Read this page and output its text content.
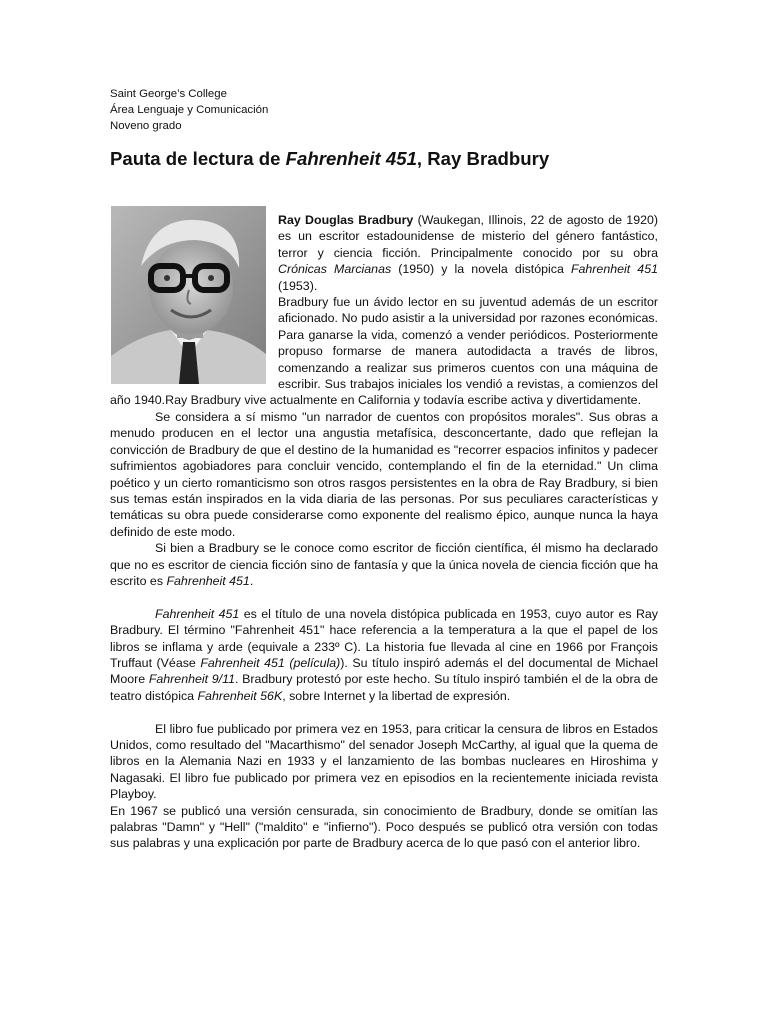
Saint George’s College
Área Lenguaje y Comunicación
Noveno grado
Pauta de lectura de Fahrenheit 451, Ray Bradbury

Ray Douglas Bradbury (Waukegan, Illinois, 22 de agosto de 1920) es un escritor estadounidense de misterio del género fantástico, terror y ciencia ficción. Principalmente conocido por su obra Crónicas Marcianas (1950) y la novela distópica Fahrenheit 451 (1953).

Bradbury fue un ávido lector en su juventud además de un escritor aficionado. No pudo asistir a la universidad por razones económicas. Para ganarse la vida, comenzó a vender periódicos. Posteriormente propuso formarse de manera autodidacta a través de libros, comenzando a realizar sus primeros cuentos con una máquina de escribir. Sus trabajos iniciales los vendió a revistas, a comienzos del año 1940.Ray Bradbury vive actualmente en California y todavía escribe activa y divertidamente.

Se considera a sí mismo "un narrador de cuentos con propósitos morales". Sus obras a menudo producen en el lector una angustia metafísica, desconcertante, dado que reflejan la convicción de Bradbury de que el destino de la humanidad es "recorrer espacios infinitos y padecer sufrimientos agobiadores para concluir vencido, contemplando el fin de la eternidad." Un clima poético y un cierto romanticismo son otros rasgos persistentes en la obra de Ray Bradbury, si bien sus temas están inspirados en la vida diaria de las personas. Por sus peculiares características y temáticas su obra puede considerarse como exponente del realismo épico, aunque nunca la haya definido de este modo.

Si bien a Bradbury se le conoce como escritor de ficción científica, él mismo ha declarado que no es escritor de ciencia ficción sino de fantasía y que la única novela de ciencia ficción que ha escrito es Fahrenheit 451.

Fahrenheit 451 es el título de una novela distópica publicada en 1953, cuyo autor es Ray Bradbury. El término "Fahrenheit 451" hace referencia a la temperatura a la que el papel de los libros se inflama y arde (equivale a 233º C). La historia fue llevada al cine en 1966 por François Truffaut (Véase Fahrenheit 451 (película)). Su título inspiró además el del documental de Michael Moore Fahrenheit 9/11. Bradbury protestó por este hecho. Su título inspiró también el de la obra de teatro distópica Fahrenheit 56K, sobre Internet y la libertad de expresión.

El libro fue publicado por primera vez en 1953, para criticar la censura de libros en Estados Unidos, como resultado del "Macarthismo" del senador Joseph McCarthy, al igual que la quema de libros en la Alemania Nazi en 1933 y el lanzamiento de las bombas nucleares en Hiroshima y Nagasaki. El libro fue publicado por primera vez en episodios en la recientemente iniciada revista Playboy.

En 1967 se publicó una versión censurada, sin conocimiento de Bradbury, donde se omitían las palabras "Damn" y "Hell" ("maldito" e "infierno"). Poco después se publicó otra versión con todas sus palabras y una explicación por parte de Bradbury acerca de lo que pasó con el anterior libro.
